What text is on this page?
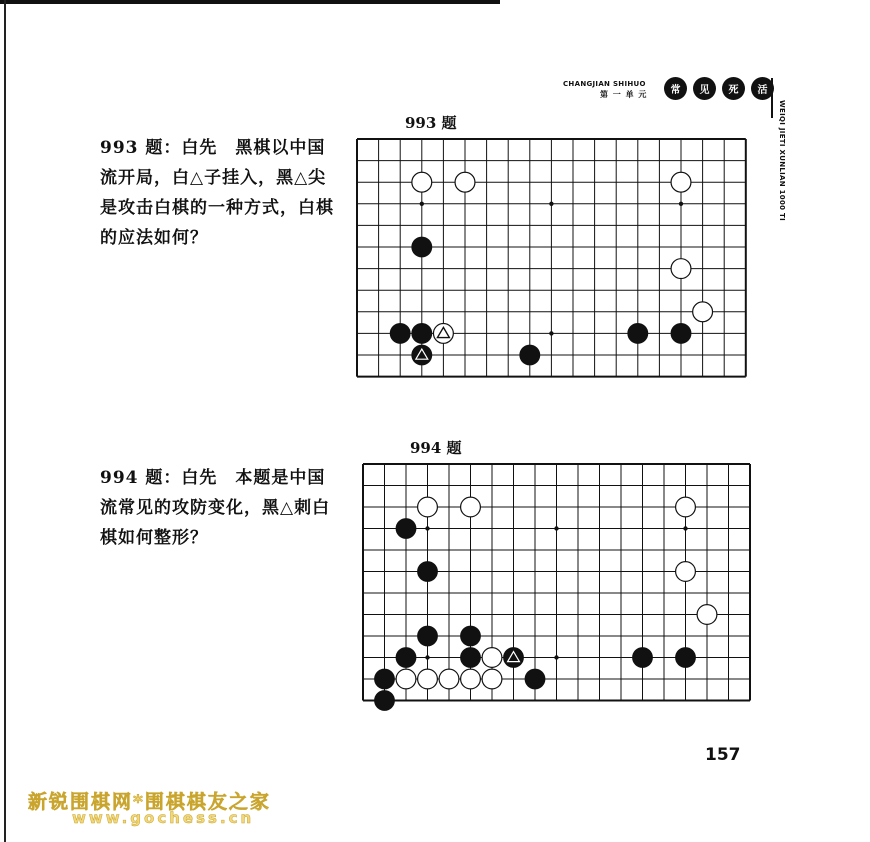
CHANGJIAN SHIHUO
第 一 单 元	常	见	死	活
WEIQI JIETI XUNLIAN 1000 TI
993 题
993 题：白先　黑棋以中国流开局，白△子挂入，黑△尖是攻击白棋的一种方式，白棋的应法如何？
994 题
994 题：白先　本题是中国流常见的攻防变化，黑△刺白棋如何整形？
157
新锐围棋网*围棋棋友之家
www.gochess.cn
